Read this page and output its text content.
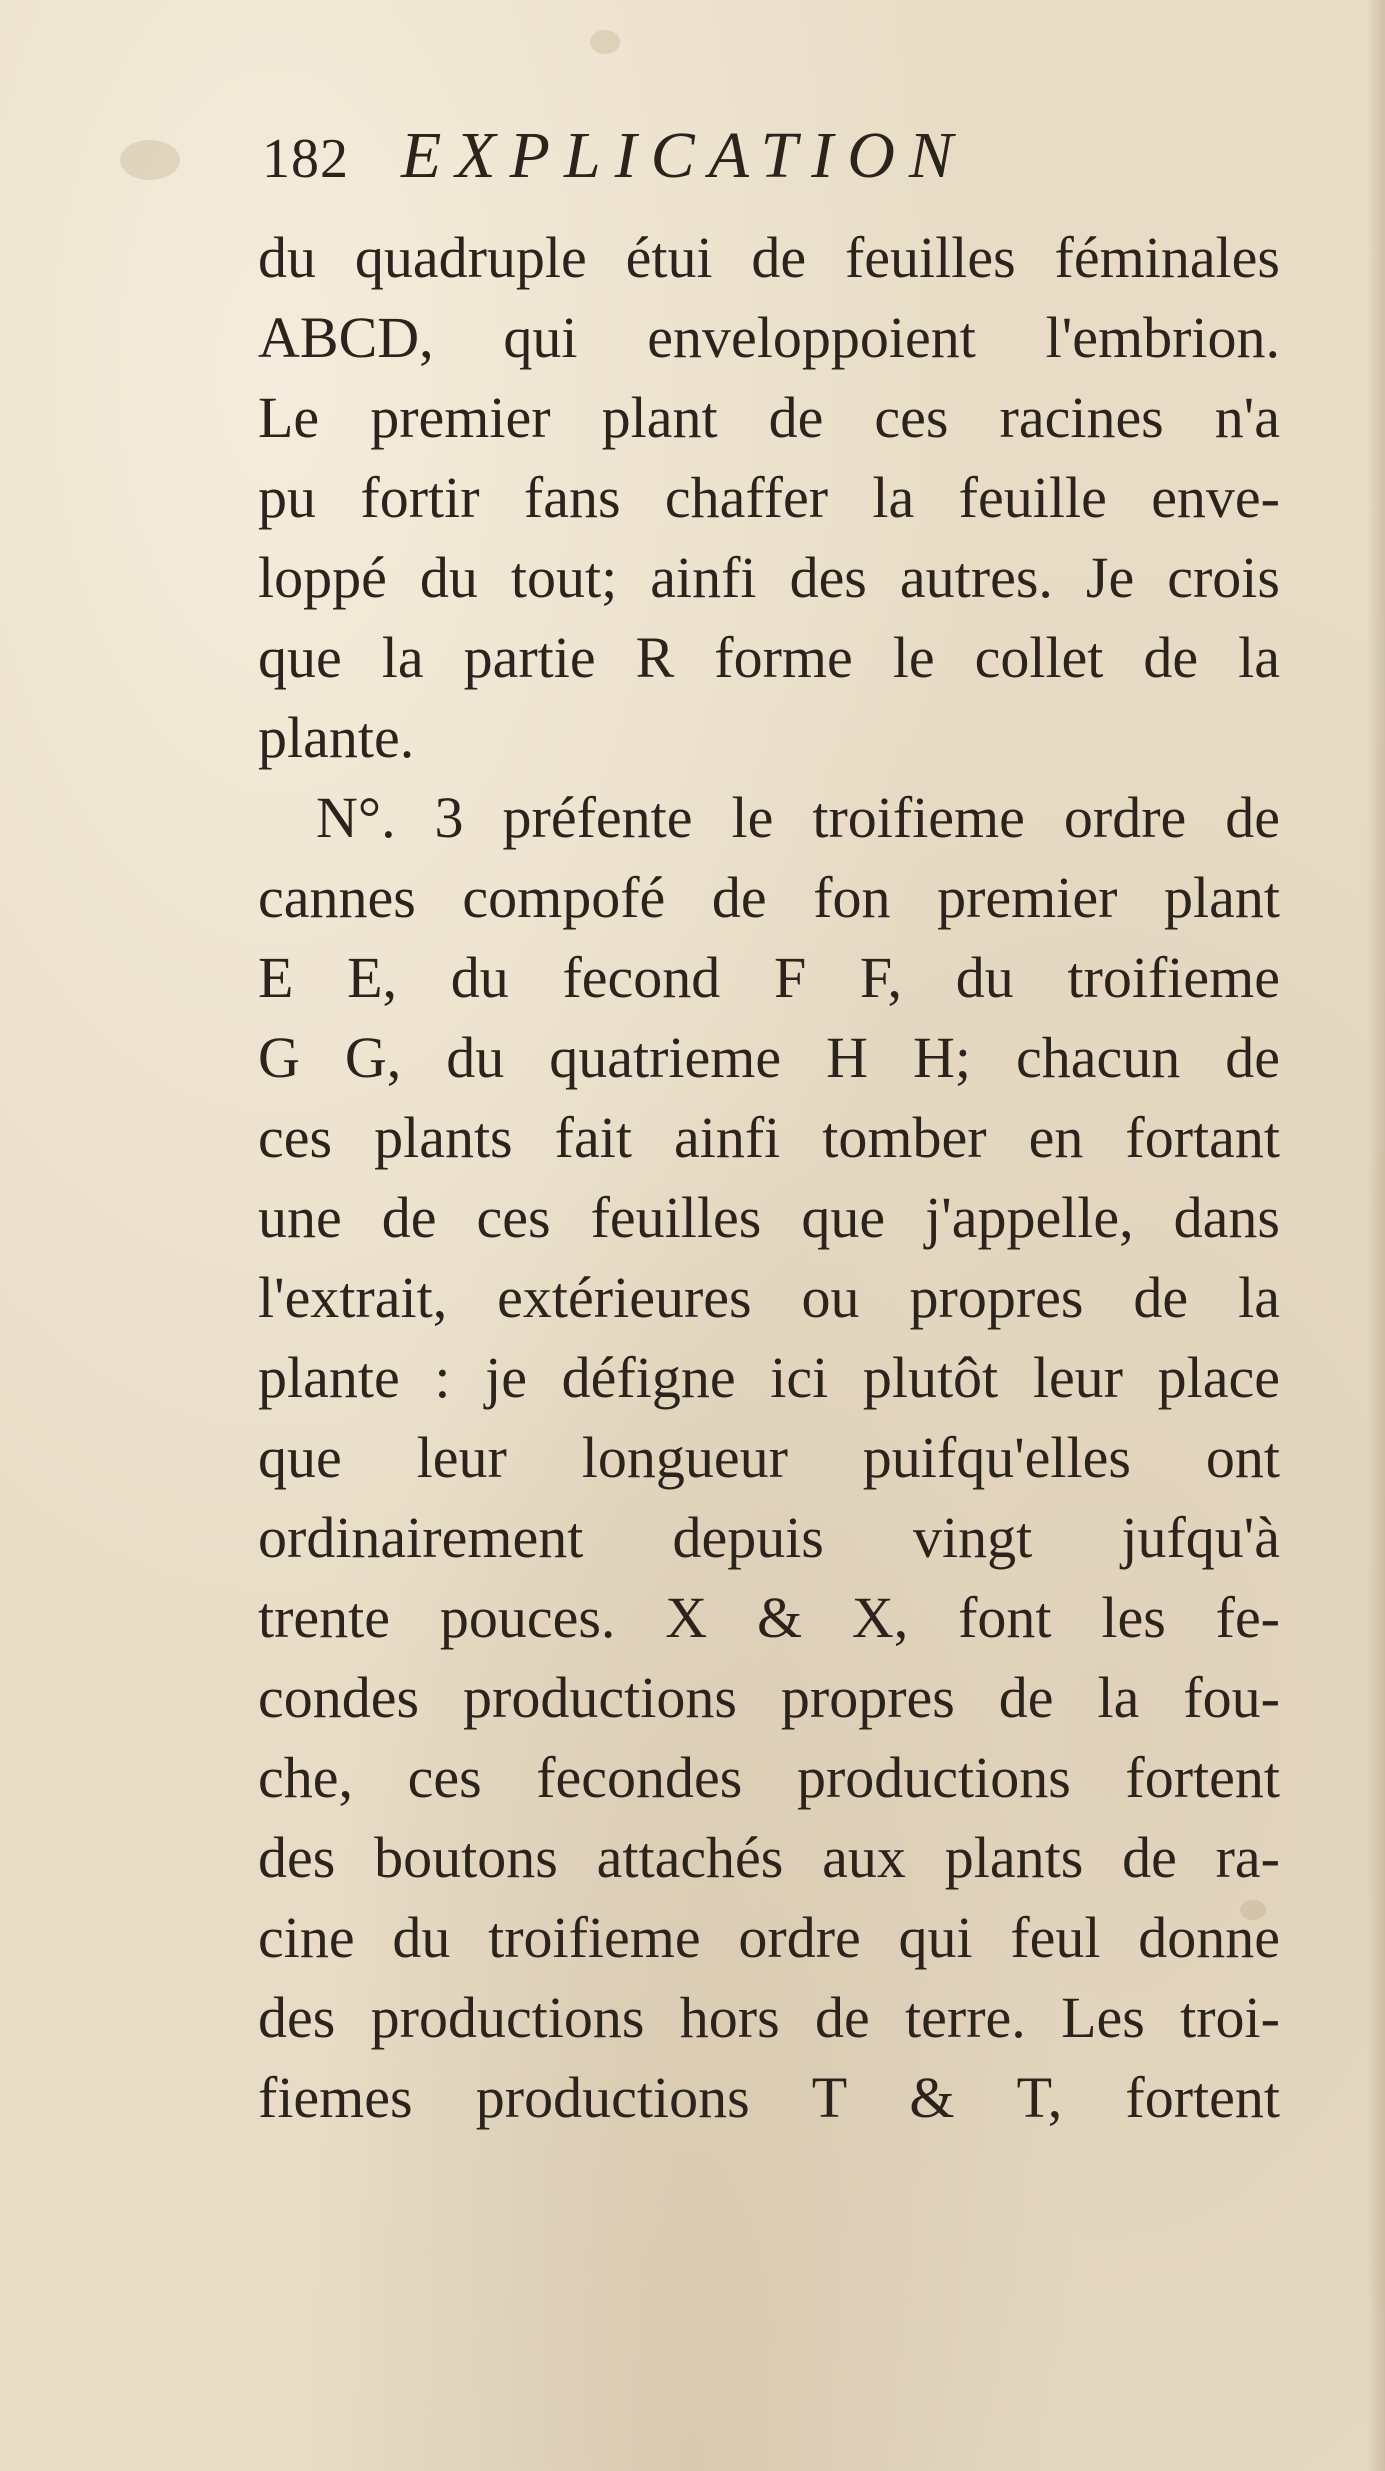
182 EXPLICATION
du quadruple étui de feuilles féminales
ABCD, qui enveloppoient l'embrion.
Le premier plant de ces racines n'a
pu fortir fans chaffer la feuille enve-
loppé du tout; ainfi des autres. Je crois
que la partie R forme le collet de la
plante.
N°. 3 préfente le troifieme ordre de
cannes compofé de fon premier plant
E E, du fecond F F, du troifieme
G G, du quatrieme H H; chacun de
ces plants fait ainfi tomber en fortant
une de ces feuilles que j'appelle, dans
l'extrait, extérieures ou propres de la
plante : je défigne ici plutôt leur place
que leur longueur puifqu'elles ont
ordinairement depuis vingt jufqu'à
trente pouces. X & X, font les fe-
condes productions propres de la fou-
che, ces fecondes productions fortent
des boutons attachés aux plants de ra-
cine du troifieme ordre qui feul donne
des productions hors de terre. Les troi-
fiemes productions T & T, fortent
